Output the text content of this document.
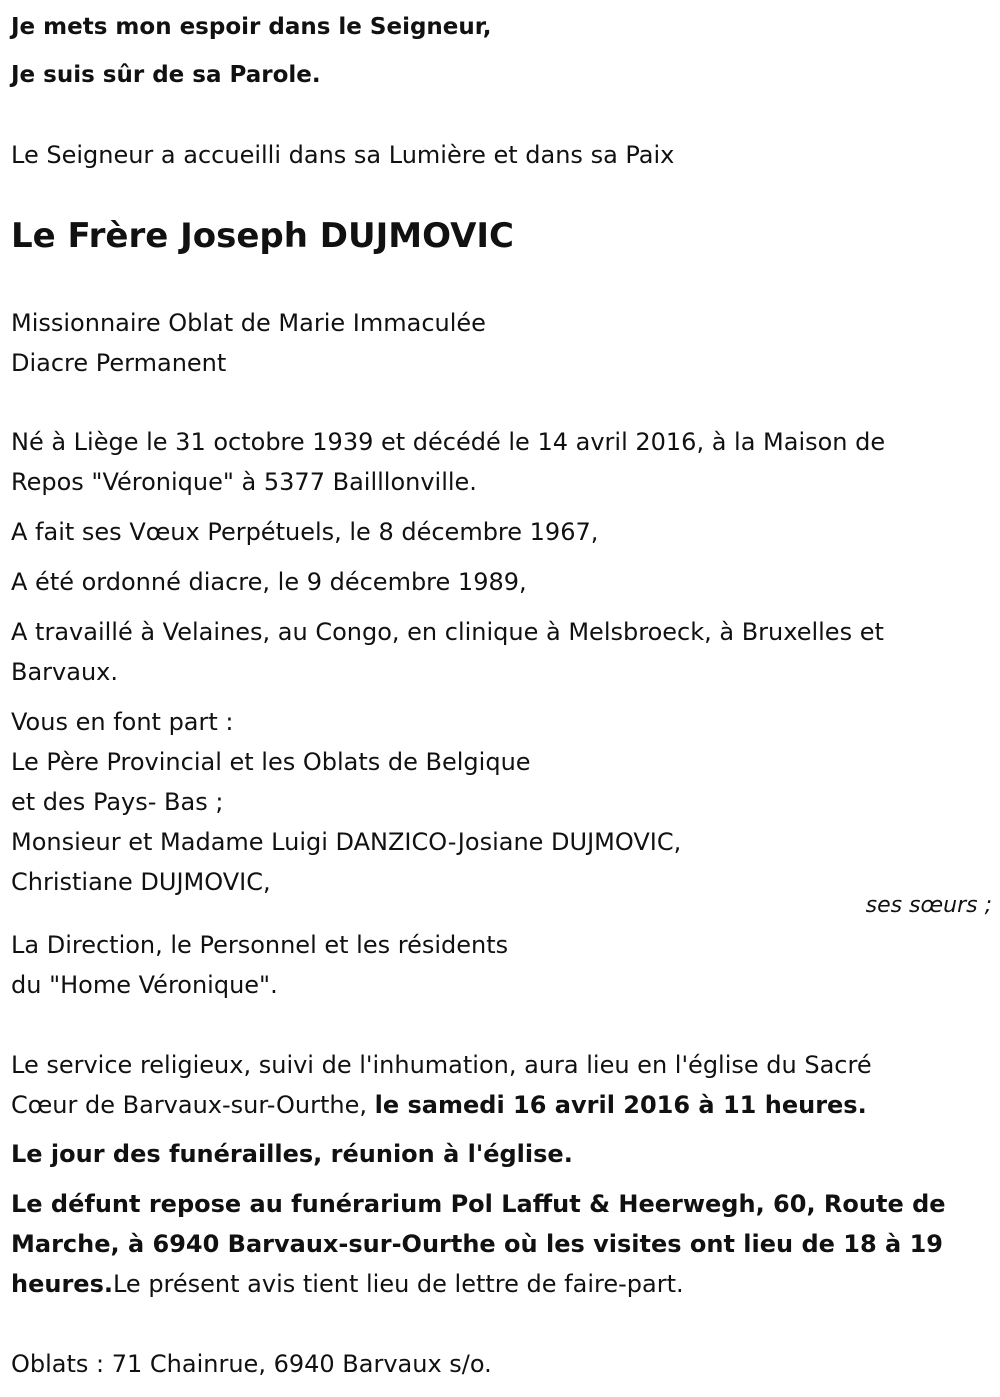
Je mets mon espoir dans le Seigneur,

Je suis sûr de sa Parole.

Le Seigneur a accueilli dans sa Lumière et dans sa Paix

Le Frère Joseph DUJMOVIC

Missionnaire Oblat de Marie Immaculée

Diacre Permanent

Né à Liège le 31 octobre 1939 et décédé le 14 avril 2016, à la Maison de

Repos "Véronique" à 5377 Bailllonville.

A fait ses Vœux Perpétuels, le 8 décembre 1967,

A été ordonné diacre, le 9 décembre 1989,

A travaillé à Velaines, au Congo, en clinique à Melsbroeck, à Bruxelles et

Barvaux.

Vous en font part :

Le Père Provincial et les Oblats de Belgique

et des Pays- Bas ;

Monsieur et Madame Luigi DANZICO-Josiane DUJMOVIC,

Christiane DUJMOVIC,

ses sœurs ;

La Direction, le Personnel et les résidents

du "Home Véronique".

Le service religieux, suivi de l'inhumation, aura lieu en l'église du Sacré

Cœur de Barvaux-sur-Ourthe, le samedi 16 avril 2016 à 11 heures.

Le jour des funérailles, réunion à l'église.

Le défunt repose au funérarium Pol Laffut & Heerwegh, 60, Route de

Marche, à 6940 Barvaux-sur-Ourthe où les visites ont lieu de 18 à 19

heures.Le présent avis tient lieu de lettre de faire-part.

Oblats : 71 Chainrue, 6940 Barvaux s/o.
